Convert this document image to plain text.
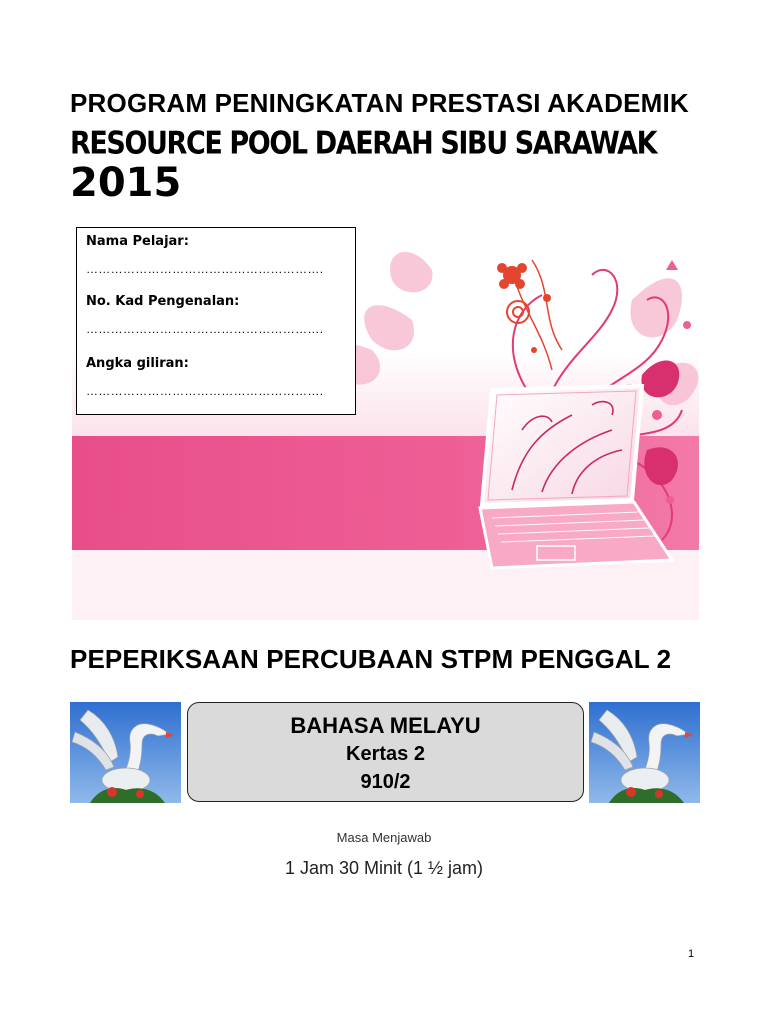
PROGRAM PENINGKATAN PRESTASI AKADEMIK
RESOURCE POOL DAERAH SIBU SARAWAK
2015
Nama Pelajar:
………………………………………………….
No. Kad Pengenalan:
………………………………………………….
Angka giliran:
………………………………………………….
PEPERIKSAAN PERCUBAAN STPM PENGGAL 2
BAHASA MELAYU
Kertas 2
910/2
Masa Menjawab
1 Jam 30 Minit (1 ½ jam)
1
